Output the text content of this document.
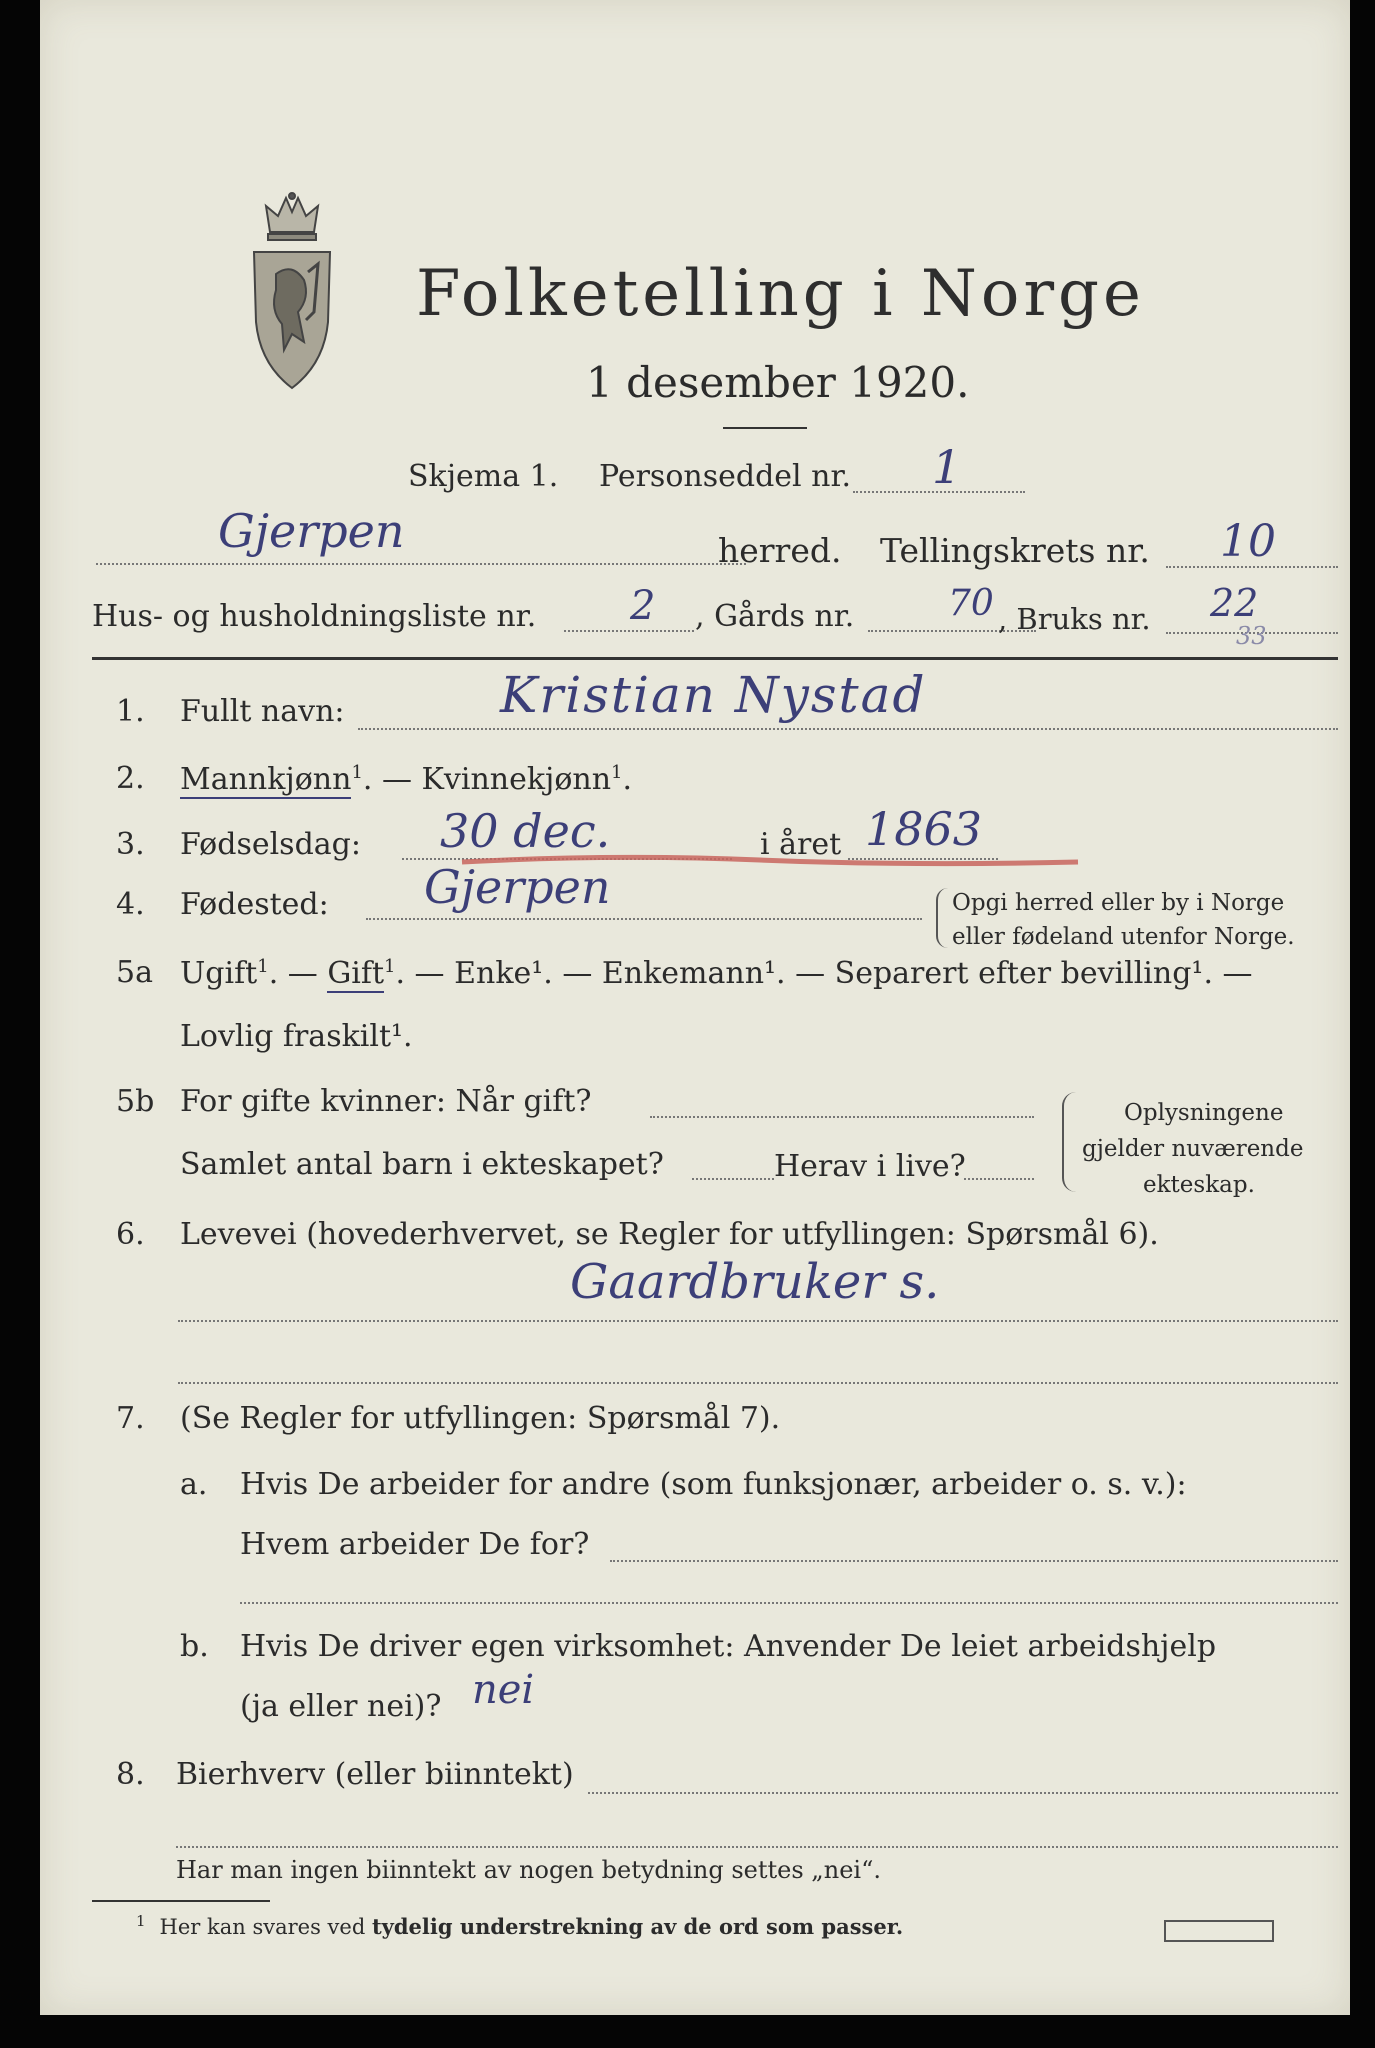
Folketelling i Norge
1 desember 1920.
Skjema 1. Personseddel nr. 1
Gjerpen	herred. Tellingskrets nr. 10
Hus- og husholdningsliste nr. 2 , Gårds nr.	70 , Bruks nr. 22
33
1. Fullt navn:	Kristian Nystad
2. Mannkjønn$^1$. — Kvinnekjønn$^1$.
3. Fødselsdag: 30 dec.	i året 1863
4. Fødested: Gjerpen	Opgi herred eller by i Norge
eller fødeland utenfor Norge.
5a Ugift$^1$. — Gift$^1$. — Enke¹. — Enkemann¹. — Separert efter bevilling¹. —
Lovlig fraskilt¹.
5b For gifte kvinner: Når gift?
Samlet antal barn i ekteskapet?	Herav i live?
Oplysningene
gjelder nuværende
ekteskap.
6. Levevei (hovederhvervet, se Regler for utfyllingen: Spørsmål 6).
Gaardbruker s.
7. (Se Regler for utfyllingen: Spørsmål 7).
a. Hvis De arbeider for andre (som funksjonær, arbeider o. s. v.):
Hvem arbeider De for?
b. Hvis De driver egen virksomhet: Anvender De leiet arbeidshjelp
(ja eller nei)? nei
8. Bierhverv (eller biinntekt)
Har man ingen biinntekt av nogen betydning settes „nei“.
$^1$ Her kan svares ved tydelig understrekning av de ord som passer.
